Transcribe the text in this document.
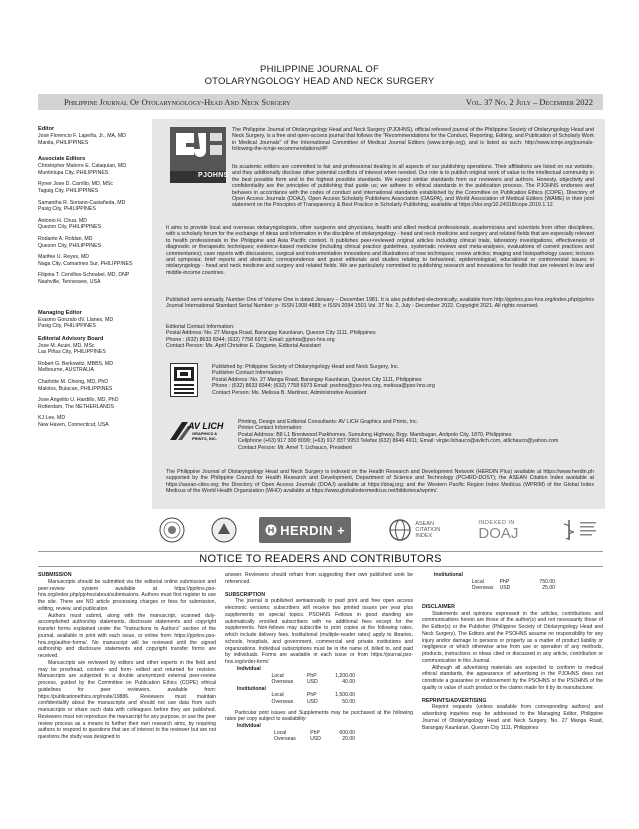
PHILIPPINE JOURNAL OF
OTOLARYNGOLOGY HEAD AND NECK SURGERY
Philippine Journal Of Otolaryngology-Head And Neck Surgery	Vol. 37 No. 2 July – December 2022
Editor
José Florencio F. Lapeña, Jr., MA, MD
Manila, PHILIPPINES
Associate Editors
Christopher Malorre E. Calaquian, MD
Muntinlupa City, PHILIPPINES
Ryner Jose D. Carrillo, MD, MSc
Taguig City, PHILIPPINES
Samantha R. Soriano-Castañeda, MD
Pasig City, PHILIPPINES
Antonio H. Chua, MD
Quezon City, PHILIPPINES
Rodante A. Roldan, MD
Quezon City, PHILIPPINES
Marifee U. Reyes, MD
Naga City, Camarines Sur, PHILIPPINES
Filipina T. Cervillos-Schnabel, MD, DNP
Nashville, Tennessee, USA
Managing Editor
Erasmo Gonzalo dV. Llanes, MD
Pasig City, PHILIPPINES
Editorial Advisory Board
Jose M. Acuin, MD, MSc
Las Piñas City, PHILIPPINES
Robert G. Berkowitz, MBBS, MD
Melbourne, AUSTRALIA
Charlotte M. Chiong, MD, PhD
Malolos, Bulacan, PHILIPPINES
Jose Angelito U. Hardillo, MD, PhD
Rotterdam, The NETHERLANDS
KJ Lee, MD
New Haven, Connecticut, USA
The Philippine Journal of Otolaryngology Head and Neck Surgery (PJOHNS), official refereed journal of the Philippine Society of Otolaryngology Head and Neck Surgery, is a free and open-access journal that follows the "Recommendations for the Conduct, Reporting, Editing, and Publication of Scholarly Work in Medical Journals" of the International Committee of Medical Journal Editors (www.icmje.org), and is listed as such: http://www.icmje.org/journals-following-the-icmje-recommendations/#P
Its academic editors are committed to fair and professional dealing in all aspects of our publishing operations. Their affiliations are listed on our website, and they additionally disclose other potential conflicts of interest when needed. Our role is to publish original work of value to the intellectual community in the best possible form and to the highest possible standards. We expect similar standards from our reviewers and authors. Honesty, objectivity and confidentiality are the principles of publishing that guide us; we adhere to ethical standards in the publication process. The PJOHNS endorses and behaves in accordance with the codes of conduct and international standards established by the Committee on Publication Ethics (COPE), Directory of Open Access Journals (DOAJ), Open Access Scholarly Publishers Association (OASPA), and World Association of Medical Editors (WAME) in their joint statement on the Principles of Transparency & Best Practice in Scholarly Publishing, available at https://doi.org/10.24318/cope.2019.1.12.
It aims to provide local and overseas otolaryngologists, other surgeons and physicians, health and allied medical professionals, academicians and scientists from other disciplines, with a scholarly forum for the exchange of ideas and information in the discipline of otolaryngology - head and neck medicine and surgery and related fields that are especially relevant to health professionals in the Philippine and Asia Pacific context. It publishes peer-reviewed original articles including clinical trials, laboratory investigations, effectiveness of diagnostic or therapeutic techniques; evidence-based medicine (including clinical practice guidelines, systematic reviews and meta-analyses, evaluations of current practices and commentaries); case reports with discussions, surgical and instrumentation innovations and illustrations of new techniques; review articles; imaging and histopathology cases; lectures and symposia; brief reports and abstracts; correspondence and guest editorials and studies relating to behavioral, epidemiological, educational or controversial issues in otolaryngology - head and neck medicine and surgery and related fields. We are particularly committed to publishing research and innovations for health that are relevant in low and middle-income countries.
Published semi-annually, Number One of Volume One is dated January – December 1981. It is also published electronically, available from http://pjohns.pso-hns.org/index.php/pjohns Journal International Standard Serial Number: p- ISSN 1908 4889; e ISSN 2094 1501 Vol. 37 No. 2, July - December 2022. Copyright 2021. All rights reserved.
Editorial Contact Information:
Postal Address: No. 27 Manga Road, Barangay Kaunlaran, Quezon City 1111, Philippines
Phone : (632) 8633 8344; (632) 7758 6973; Email: pjohns@pso-hns.org
Contact Person: Ms. April Christine E. Dagame, Editorial Assistant
Published by: Philippine Society of Otolaryngology Head and Neck Surgery, Inc.
Publisher Contact Information:
Postal Address: No. 27 Manga Road, Barangay Kaunlaran, Quezon City 1111, Philippines
Phone : (632) 8633 8344; (632) 7758 6973 Email: psohns@pso-hns.org, melissa@pso-hns.org
Contact Person: Ms. Melissa B. Martinez, Administrative Assistant
Printing, Design and Editorial Consultants: AV LICH Graphics and Prints, Inc.
Printer Contact Information:
Postal Address: B8 L1 Brentwood Parkhomes, Sumulong Highway, Brgy. Mambugan, Antipolo City, 1870, Philippines
Cellphone (+63) 917 300 8099; (+63) 917 837 9953 Telefax (632) 8646 4911; Email: virgie.lichauco@avlich.com, atlichauco@yahoo.com
Contact Person: Mr. Arnel T. Lichauco, President
The Philippine Journal of Otolaryngology Head and Neck Surgery is indexed on the Health Research and Development Network (HERDIN Plus) available at https://www.herdin.ph supported by the Philippine Council for Health Research and Development, Department of Science and Technology (PCHRD-DOST); the ASEAN Citation Index available at https://asean-cites.org; the Directory of Open Access Journals (DOAJ) available at https://doaj.org; and the Western Pacific Region Index Medicus (WPRIM) of the Global Index Medicus of the World Health Organization (WHO) available at https://www.globalindexmedicus.net/biblioteca/wprim/.
PJOHNS
AV LICH
GRAPHICS &
PRINTS, INC.
HERDIN +	ASEAN
CITATION
INDEX
INDEXED IN
DOAJ
NOTICE TO READERS AND CONTRIBUTORS
SUBMISSION
Manuscripts should be submitted via the editorial online submission and peer-review system available at https://pjohns.pso-hns.org/index.php/pjohns/about/submissions. Authors must first register to use the site. There are NO article processing charges or fees for submission, editing, review, and publication.
Authors must submit, along with the manuscript, scanned duly-accomplished authorship statements, disclosure statements and copyright transfer forms explained under the "Instructions to Authors" section of the journal, available in print with each issue, or online from: https://pjohns.pso-hns.org/author-forms/. No manuscript will be reviewed until the signed authorship and disclosure statements and copyright transfer forms are received.
Manuscripts are reviewed by editors and other experts in the field and may be proofread, content- and form- edited and returned for revision. Manuscripts are subjected to a double anonymized external peer-review process, guided by the Committee on Publication Ethics (COPE) ethical guidelines for peer reviewers, available from: https://publicationethics.org/node/19886. Reviewers must maintain confidentiality about the manuscripts and should not use data from such manuscripts or share such data with colleagues before they are published. Reviewers must not reproduce the manuscript for any purpose, or use the peer review process as a means to further their own research aims, by requiring authors to respond to questions that are of interest to the reviewer but are not questions the study was designed to
answer. Reviewers should refrain from suggesting their own published work be referenced.
SUBSCRIPTION
The journal is published semiannually in paid print and free open access electronic versions; subscribers will receive two printed issues per year plus supplements on special topics. PSOHNS Fellows in good standing are automatically enrolled subscribers with no additional fees except for the supplements. Non-fellows may subscribe to print copies at the following rates, which include delivery fees. Institutional (multiple-reader rates) apply to libraries, schools, hospitals, and government, commercial and private institutions and organizations. Individual subscriptions must be in the name of, billed to, and paid by individuals. Forms are available in each issue or from https://journal.pso-hns.org/order-form/
Individual
	Local	PhP	1,200.00
	Overseas	USD	40.00
Institutional
	Local	PhP	1,500.00
	Overseas	USD	50.00
Particular print issues and Supplements may be purchased at the following rates per copy subject to availability:
Individual
	Local	PhP	600.00
	Overseas	USD	20.00
Institutional
	Local	PhP	750.00
	Overseas	USD	25.00
DISCLAIMER
Statements and opinions expressed in the articles, contributions and communications herein are those of the author(s) and not necessarily those of the Editor(s) or the Publisher (Philippine Society of Otolaryngology Head and Neck Surgery). The Editors and the PSOHNS assume no responsibility for any injury and/or damage to persons or property as a matter of product liability or negligence or which otherwise arise from use or operation of any methods, products, instructions or ideas cited or discussed in any article, contribution or communication in this Journal.
Although all advertising materials are expected to conform to medical ethical standards, the appearance of advertising in the PJOHNS does not constitute a guarantee or endorsement by the PSOHNS or the PSOHNS of the quality or value of such product or the claims made for it by its manufacturer.
REPRINTS/ADVERTISING
Reprint requests (unless available from corresponding authors) and advertising inquiries may be addressed to the Managing Editor, Philippine Journal of Otolaryngology Head and Neck Surgery, No. 27 Manga Road, Barangay Kaunlaran, Quezon City 1111, Philippines
